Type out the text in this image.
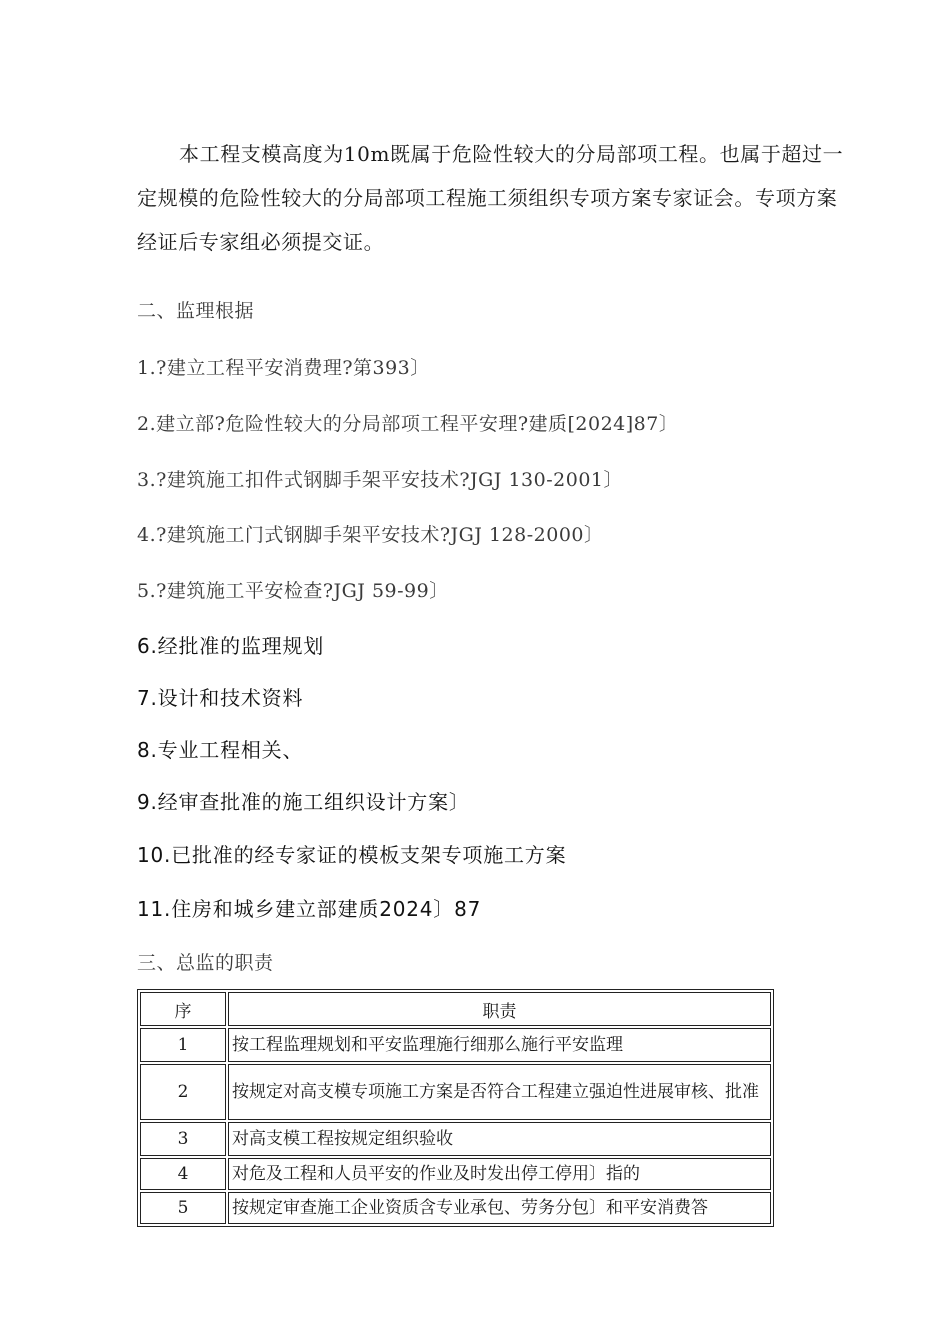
本工程支模高度为10m既属于危险性较大的分局部项工程。也属于超过一定规模的危险性较大的分局部项工程施工须组织专项方案专家证会。专项方案经证后专家组必须提交证。

二、监理根据

1.?建立工程平安消费理?第393〕

2.建立部?危险性较大的分局部项工程平安理?建质[2024]87〕

3.?建筑施工扣件式钢脚手架平安技术?JGJ 130-2001〕

4.?建筑施工门式钢脚手架平安技术?JGJ 128-2000〕

5.?建筑施工平安检查?JGJ 59-99〕

6.经批准的监理规划

7.设计和技术资料

8.专业工程相关、

9.经审查批准的施工组织设计方案〕

10.已批准的经专家证的模板支架专项施工方案

11.住房和城乡建立部建质2024〕87

三、总监的职责

序	职责
1	按工程监理规划和平安监理施行细那么施行平安监理
2	按规定对高支模专项施工方案是否符合工程建立强迫性进展审核、批准
3	对高支模工程按规定组织验收
4	对危及工程和人员平安的作业及时发出停工停用〕指的
5	按规定审查施工企业资质含专业承包、劳务分包〕和平安消费答
